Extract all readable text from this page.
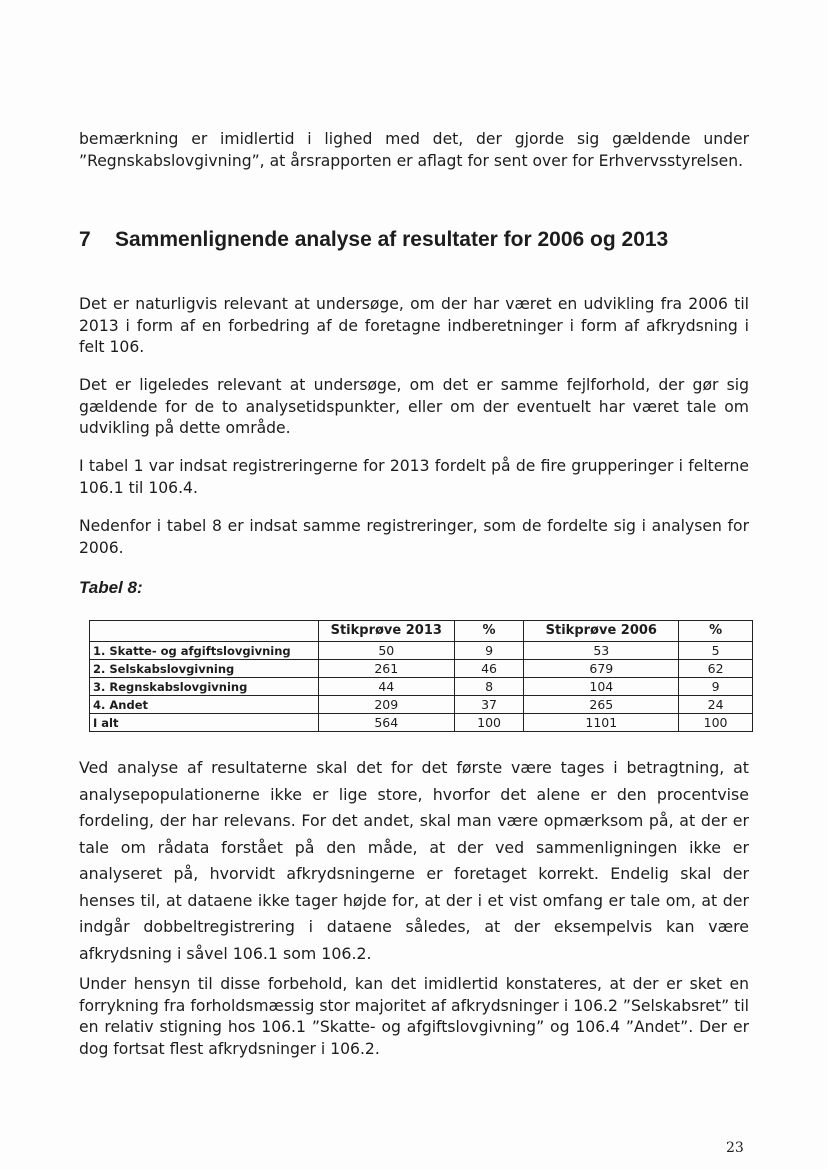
bemærkning er imidlertid i lighed med det, der gjorde sig gældende under ”Regnskabslovgivning”, at årsrapporten er aflagt for sent over for Erhvervsstyrelsen.

7 Sammenlignende analyse af resultater for 2006 og 2013

Det er naturligvis relevant at undersøge, om der har været en udvikling fra 2006 til 2013 i form af en forbedring af de foretagne indberetninger i form af afkrydsning i felt 106.

Det er ligeledes relevant at undersøge, om det er samme fejlforhold, der gør sig gældende for de to analysetidspunkter, eller om der eventuelt har været tale om udvikling på dette område.

I tabel 1 var indsat registreringerne for 2013 fordelt på de fire grupperinger i felterne 106.1 til 106.4.

Nedenfor i tabel 8 er indsat samme registreringer, som de fordelte sig i analysen for 2006.

Tabel 8:

	Stikprøve 2013	%	Stikprøve 2006	%
1. Skatte- og afgiftslovgivning	50	9	53	5
2. Selskabslovgivning	261	46	679	62
3. Regnskabslovgivning	44	8	104	9
4. Andet	209	37	265	24
I alt	564	100	1101	100

Ved analyse af resultaterne skal det for det første være tages i betragtning, at analysepopulationerne ikke er lige store, hvorfor det alene er den procentvise fordeling, der har relevans. For det andet, skal man være opmærksom på, at der er tale om rådata forstået på den måde, at der ved sammenligningen ikke er analyseret på, hvorvidt afkrydsningerne er foretaget korrekt. Endelig skal der henses til, at dataene ikke tager højde for, at der i et vist omfang er tale om, at der indgår dobbeltregistrering i dataene således, at der eksempelvis kan være afkrydsning i såvel 106.1 som 106.2.

Under hensyn til disse forbehold, kan det imidlertid konstateres, at der er sket en forrykning fra forholdsmæssig stor majoritet af afkrydsninger i 106.2 ”Selskabsret” til en relativ stigning hos 106.1 ”Skatte- og afgiftslovgivning” og 106.4 ”Andet”. Der er dog fortsat flest afkrydsninger i 106.2.

23
